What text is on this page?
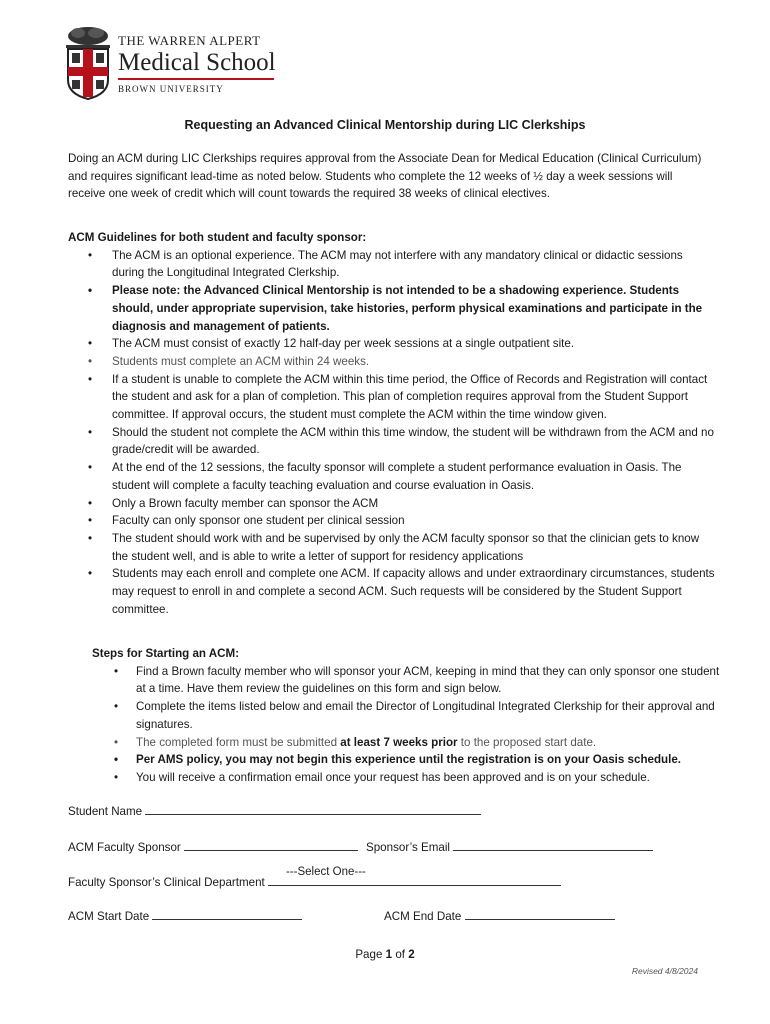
THE WARREN ALPERT
Medical School
BROWN UNIVERSITY
Requesting an Advanced Clinical Mentorship during LIC Clerkships
Doing an ACM during LIC Clerkships requires approval from the Associate Dean for Medical Education (Clinical Curriculum) and requires significant lead-time as noted below. Students who complete the 12 weeks of ½ day a week sessions will receive one week of credit which will count towards the required 38 weeks of clinical electives.
ACM Guidelines for both student and faculty sponsor:
• The ACM is an optional experience. The ACM may not interfere with any mandatory clinical or didactic sessions during the Longitudinal Integrated Clerkship.
• Please note: the Advanced Clinical Mentorship is not intended to be a shadowing experience. Students should, under appropriate supervision, take histories, perform physical examinations and participate in the diagnosis and management of patients.
• The ACM must consist of exactly 12 half-day per week sessions at a single outpatient site.
• Students must complete an ACM within 24 weeks.
• If a student is unable to complete the ACM within this time period, the Office of Records and Registration will contact the student and ask for a plan of completion. This plan of completion requires approval from the Student Support committee. If approval occurs, the student must complete the ACM within the time window given.
• Should the student not complete the ACM within this time window, the student will be withdrawn from the ACM and no grade/credit will be awarded.
• At the end of the 12 sessions, the faculty sponsor will complete a student performance evaluation in Oasis. The student will complete a faculty teaching evaluation and course evaluation in Oasis.
• Only a Brown faculty member can sponsor the ACM
• Faculty can only sponsor one student per clinical session
• The student should work with and be supervised by only the ACM faculty sponsor so that the clinician gets to know the student well, and is able to write a letter of support for residency applications
• Students may each enroll and complete one ACM. If capacity allows and under extraordinary circumstances, students may request to enroll in and complete a second ACM. Such requests will be considered by the Student Support committee.
Steps for Starting an ACM:
• Find a Brown faculty member who will sponsor your ACM, keeping in mind that they can only sponsor one student at a time. Have them review the guidelines on this form and sign below.
• Complete the items listed below and email the Director of Longitudinal Integrated Clerkship for their approval and signatures.
• The completed form must be submitted at least 7 weeks prior to the proposed start date.
• Per AMS policy, you may not begin this experience until the registration is on your Oasis schedule.
• You will receive a confirmation email once your request has been approved and is on your schedule.
Student Name
ACM Faculty Sponsor	Sponsor’s Email
Faculty Sponsor’s Clinical Department
---Select One---
ACM Start Date	ACM End Date
Page 1 of 2
Revised 4/8/2024
